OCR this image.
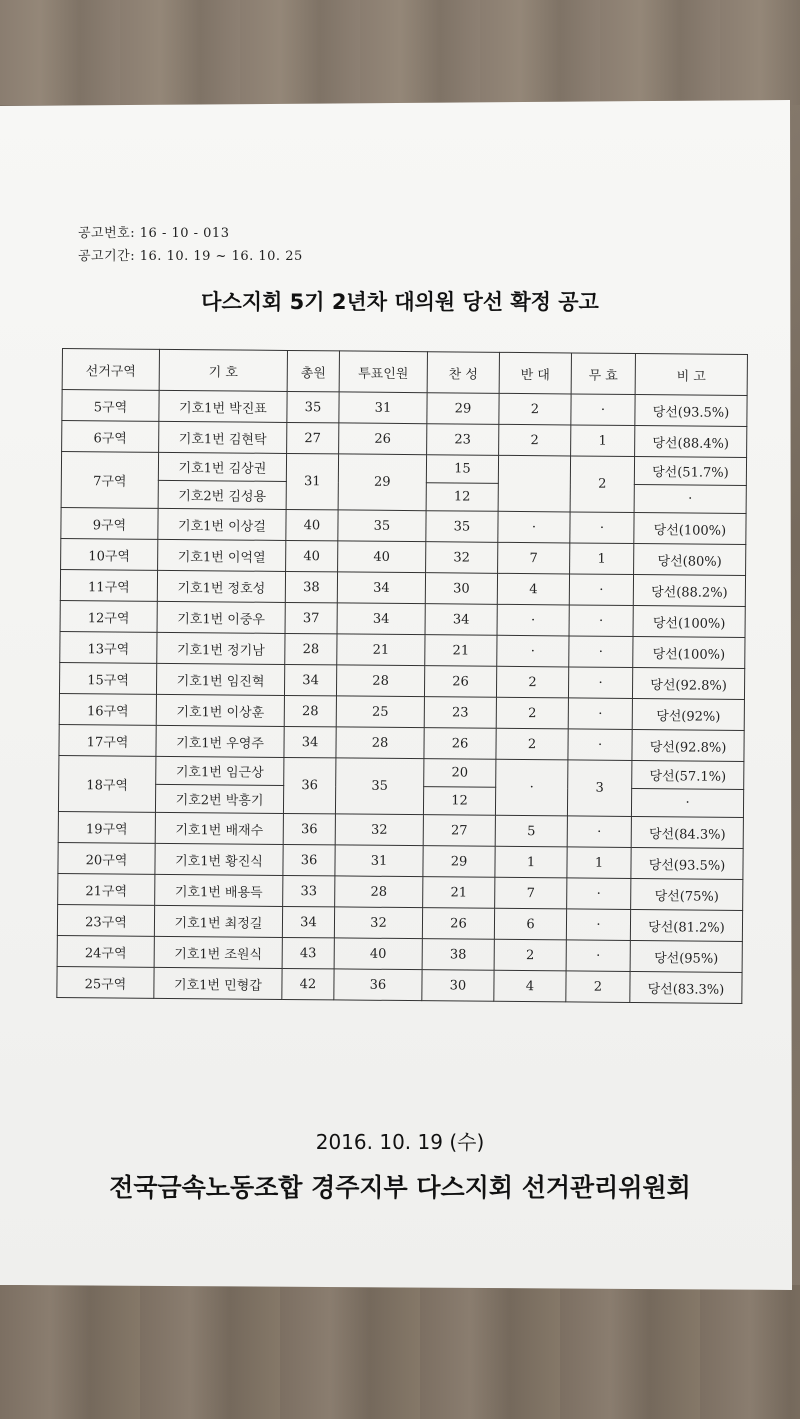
공고번호: 16 - 10 - 013
공고기간: 16. 10. 19 ~ 16. 10. 25
다스지회 5기 2년차 대의원 당선 확정 공고
선거구역	기 호	총원	투표인원	찬 성	반 대	무 효	비 고
5구역	기호1번 박진표	35	31	29	2	·	당선(93.5%)
6구역	기호1번 김현탁	27	26	23	2	1	당선(88.4%)
7구역	기호1번 김상권	31	29	15		2	당선(51.7%)
	기호2번 김성용			12			·
9구역	기호1번 이상걸	40	35	35	·	·	당선(100%)
10구역	기호1번 이억열	40	40	32	7	1	당선(80%)
11구역	기호1번 정호성	38	34	30	4	·	당선(88.2%)
12구역	기호1번 이중우	37	34	34	·	·	당선(100%)
13구역	기호1번 정기남	28	21	21	·	·	당선(100%)
15구역	기호1번 임진혁	34	28	26	2	·	당선(92.8%)
16구역	기호1번 이상훈	28	25	23	2	·	당선(92%)
17구역	기호1번 우영주	34	28	26	2	·	당선(92.8%)
18구역	기호1번 임근상	36	35	20	·	3	당선(57.1%)
	기호2번 박흥기			12			·
19구역	기호1번 배재수	36	32	27	5	·	당선(84.3%)
20구역	기호1번 황진식	36	31	29	1	1	당선(93.5%)
21구역	기호1번 배용득	33	28	21	7	·	당선(75%)
23구역	기호1번 최정길	34	32	26	6	·	당선(81.2%)
24구역	기호1번 조원식	43	40	38	2	·	당선(95%)
25구역	기호1번 민형갑	42	36	30	4	2	당선(83.3%)
2016. 10. 19 (수)
전국금속노동조합 경주지부 다스지회 선거관리위원회
